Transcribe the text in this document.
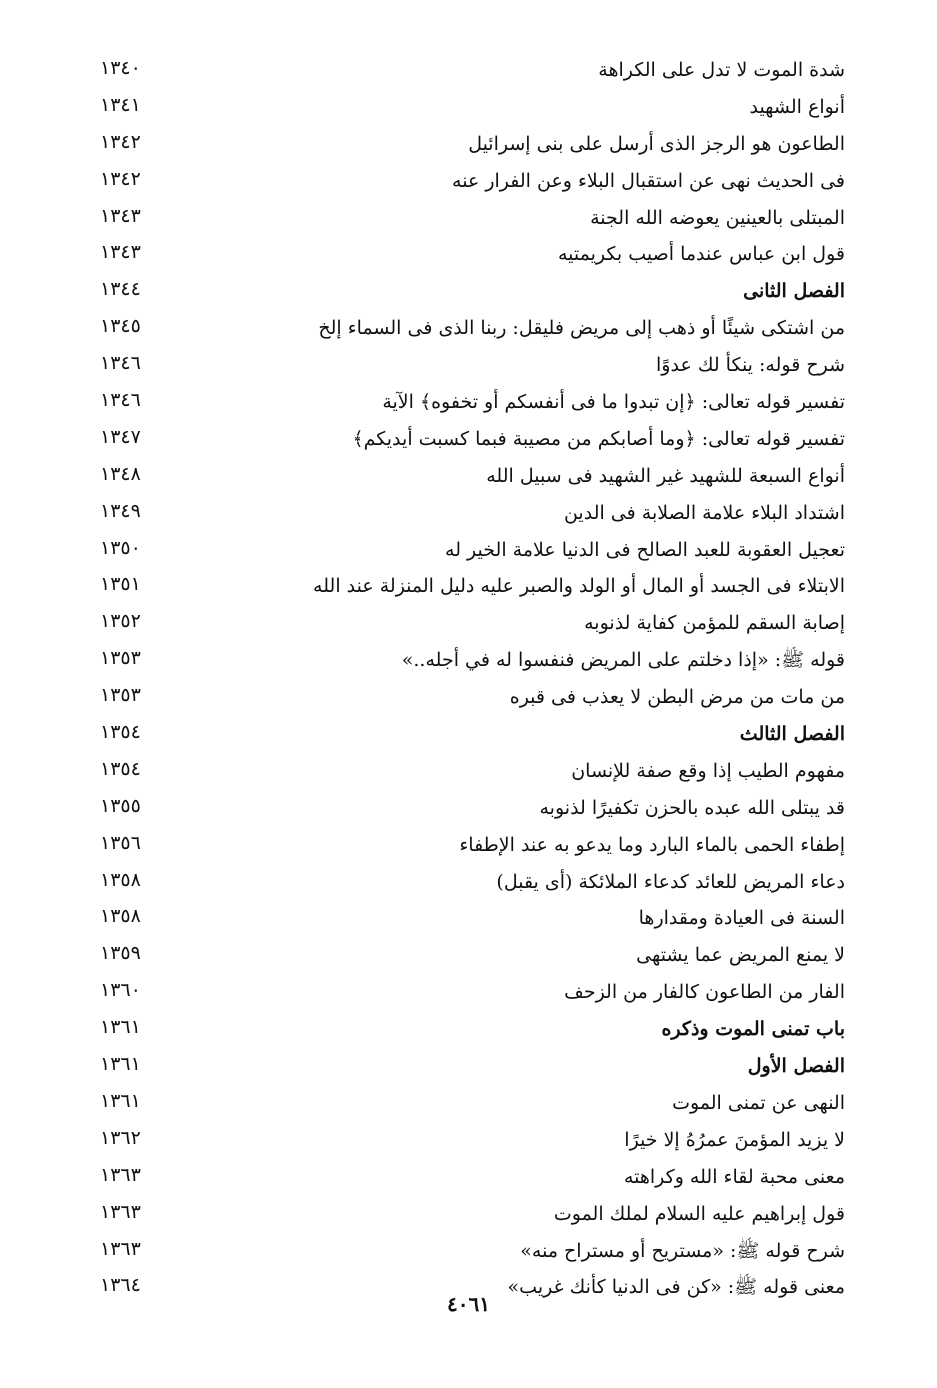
شدة الموت لا تدل على الكراهة
١٣٤٠
أنواع الشهيد
١٣٤١
الطاعون هو الرجز الذى أرسل على بنى إسرائيل
١٣٤٢
فى الحديث نهى عن استقبال البلاء وعن الفرار عنه
١٣٤٢
المبتلى بالعينين يعوضه الله الجنة
١٣٤٣
قول ابن عباس عندما أصيب بكريمتيه
١٣٤٣
الفصل الثانى
١٣٤٤
من اشتكى شيئًا أو ذهب إلى مريض فليقل: ربنا الذى فى السماء إلخ
١٣٤٥
شرح قوله: ينكأ لك عدوًا
١٣٤٦
تفسير قوله تعالى: ﴿إن تبدوا ما فى أنفسكم أو تخفوه﴾ الآية
١٣٤٦
تفسير قوله تعالى: ﴿وما أصابكم من مصيبة فبما كسبت أيديكم﴾
١٣٤٧
أنواع السبعة للشهيد غير الشهيد فى سبيل الله
١٣٤٨
اشتداد البلاء علامة الصلابة فى الدين
١٣٤٩
تعجيل العقوبة للعبد الصالح فى الدنيا علامة الخير له
١٣٥٠
الابتلاء فى الجسد أو المال أو الولد والصبر عليه دليل المنزلة عند الله
١٣٥١
إصابة السقم للمؤمن كفاية لذنوبه
١٣٥٢
قوله ﷺ: «إذا دخلتم على المريض فنفسوا له في أجله..»
١٣٥٣
من مات من مرض البطن لا يعذب فى قبره
١٣٥٣
الفصل الثالث
١٣٥٤
مفهوم الطيب إذا وقع صفة للإنسان
١٣٥٤
قد يبتلى الله عبده بالحزن تكفيرًا لذنوبه
١٣٥٥
إطفاء الحمى بالماء البارد وما يدعو به عند الإطفاء
١٣٥٦
دعاء المريض للعائد كدعاء الملائكة (أى يقبل)
١٣٥٨
السنة فى العيادة ومقدارها
١٣٥٨
لا يمنع المريض عما يشتهى
١٣٥٩
الفار من الطاعون كالفار من الزحف
١٣٦٠
باب تمنى الموت وذكره
١٣٦١
الفصل الأول
١٣٦١
النهى عن تمنى الموت
١٣٦١
لا يزيد المؤمنَ عمرُهُ إلا خيرًا
١٣٦٢
معنى محبة لقاء الله وكراهته
١٣٦٣
قول إبراهيم عليه السلام لملك الموت
١٣٦٣
شرح قوله ﷺ: «مستريح أو مستراح منه»
١٣٦٣
معنى قوله ﷺ: «كن فى الدنيا كأنك غريب»
١٣٦٤
٤٠٦١
